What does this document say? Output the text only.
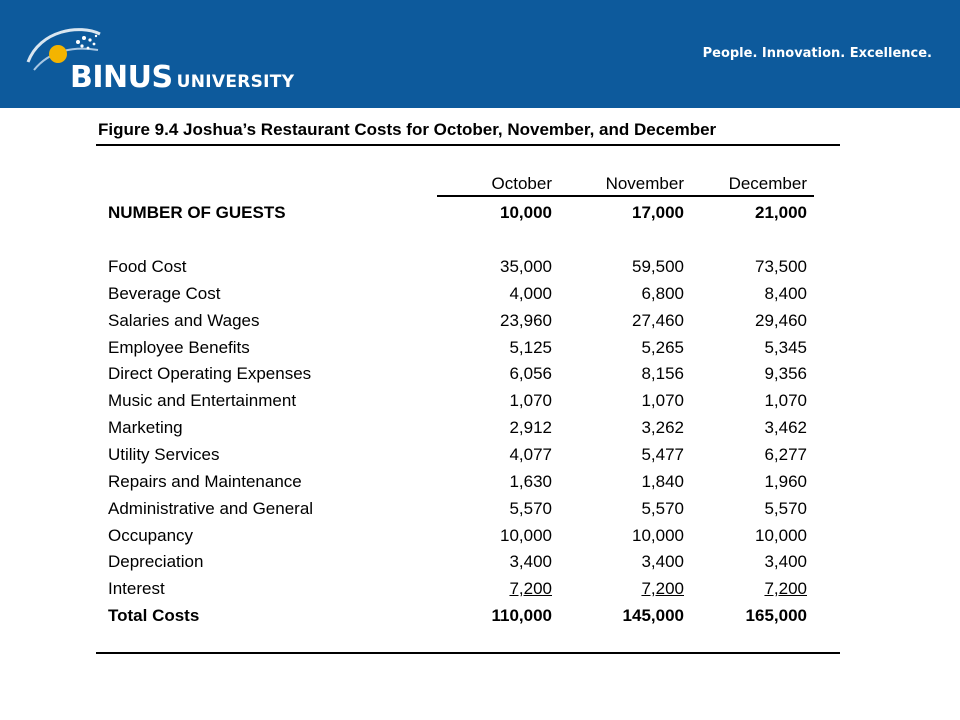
BINUS UNIVERSITY
People. Innovation. Excellence.
Figure 9.4 Joshua’s Restaurant Costs for October, November, and December
October	November	December
NUMBER OF GUESTS	10,000	17,000	21,000
Food Cost	35,000	59,500	73,500
Beverage Cost	4,000	6,800	8,400
Salaries and Wages	23,960	27,460	29,460
Employee Benefits	5,125	5,265	5,345
Direct Operating Expenses	6,056	8,156	9,356
Music and Entertainment	1,070	1,070	1,070
Marketing	2,912	3,262	3,462
Utility Services	4,077	5,477	6,277
Repairs and Maintenance	1,630	1,840	1,960
Administrative and General	5,570	5,570	5,570
Occupancy	10,000	10,000	10,000
Depreciation	3,400	3,400	3,400
Interest	7,200	7,200	7,200
Total Costs	110,000	145,000	165,000
